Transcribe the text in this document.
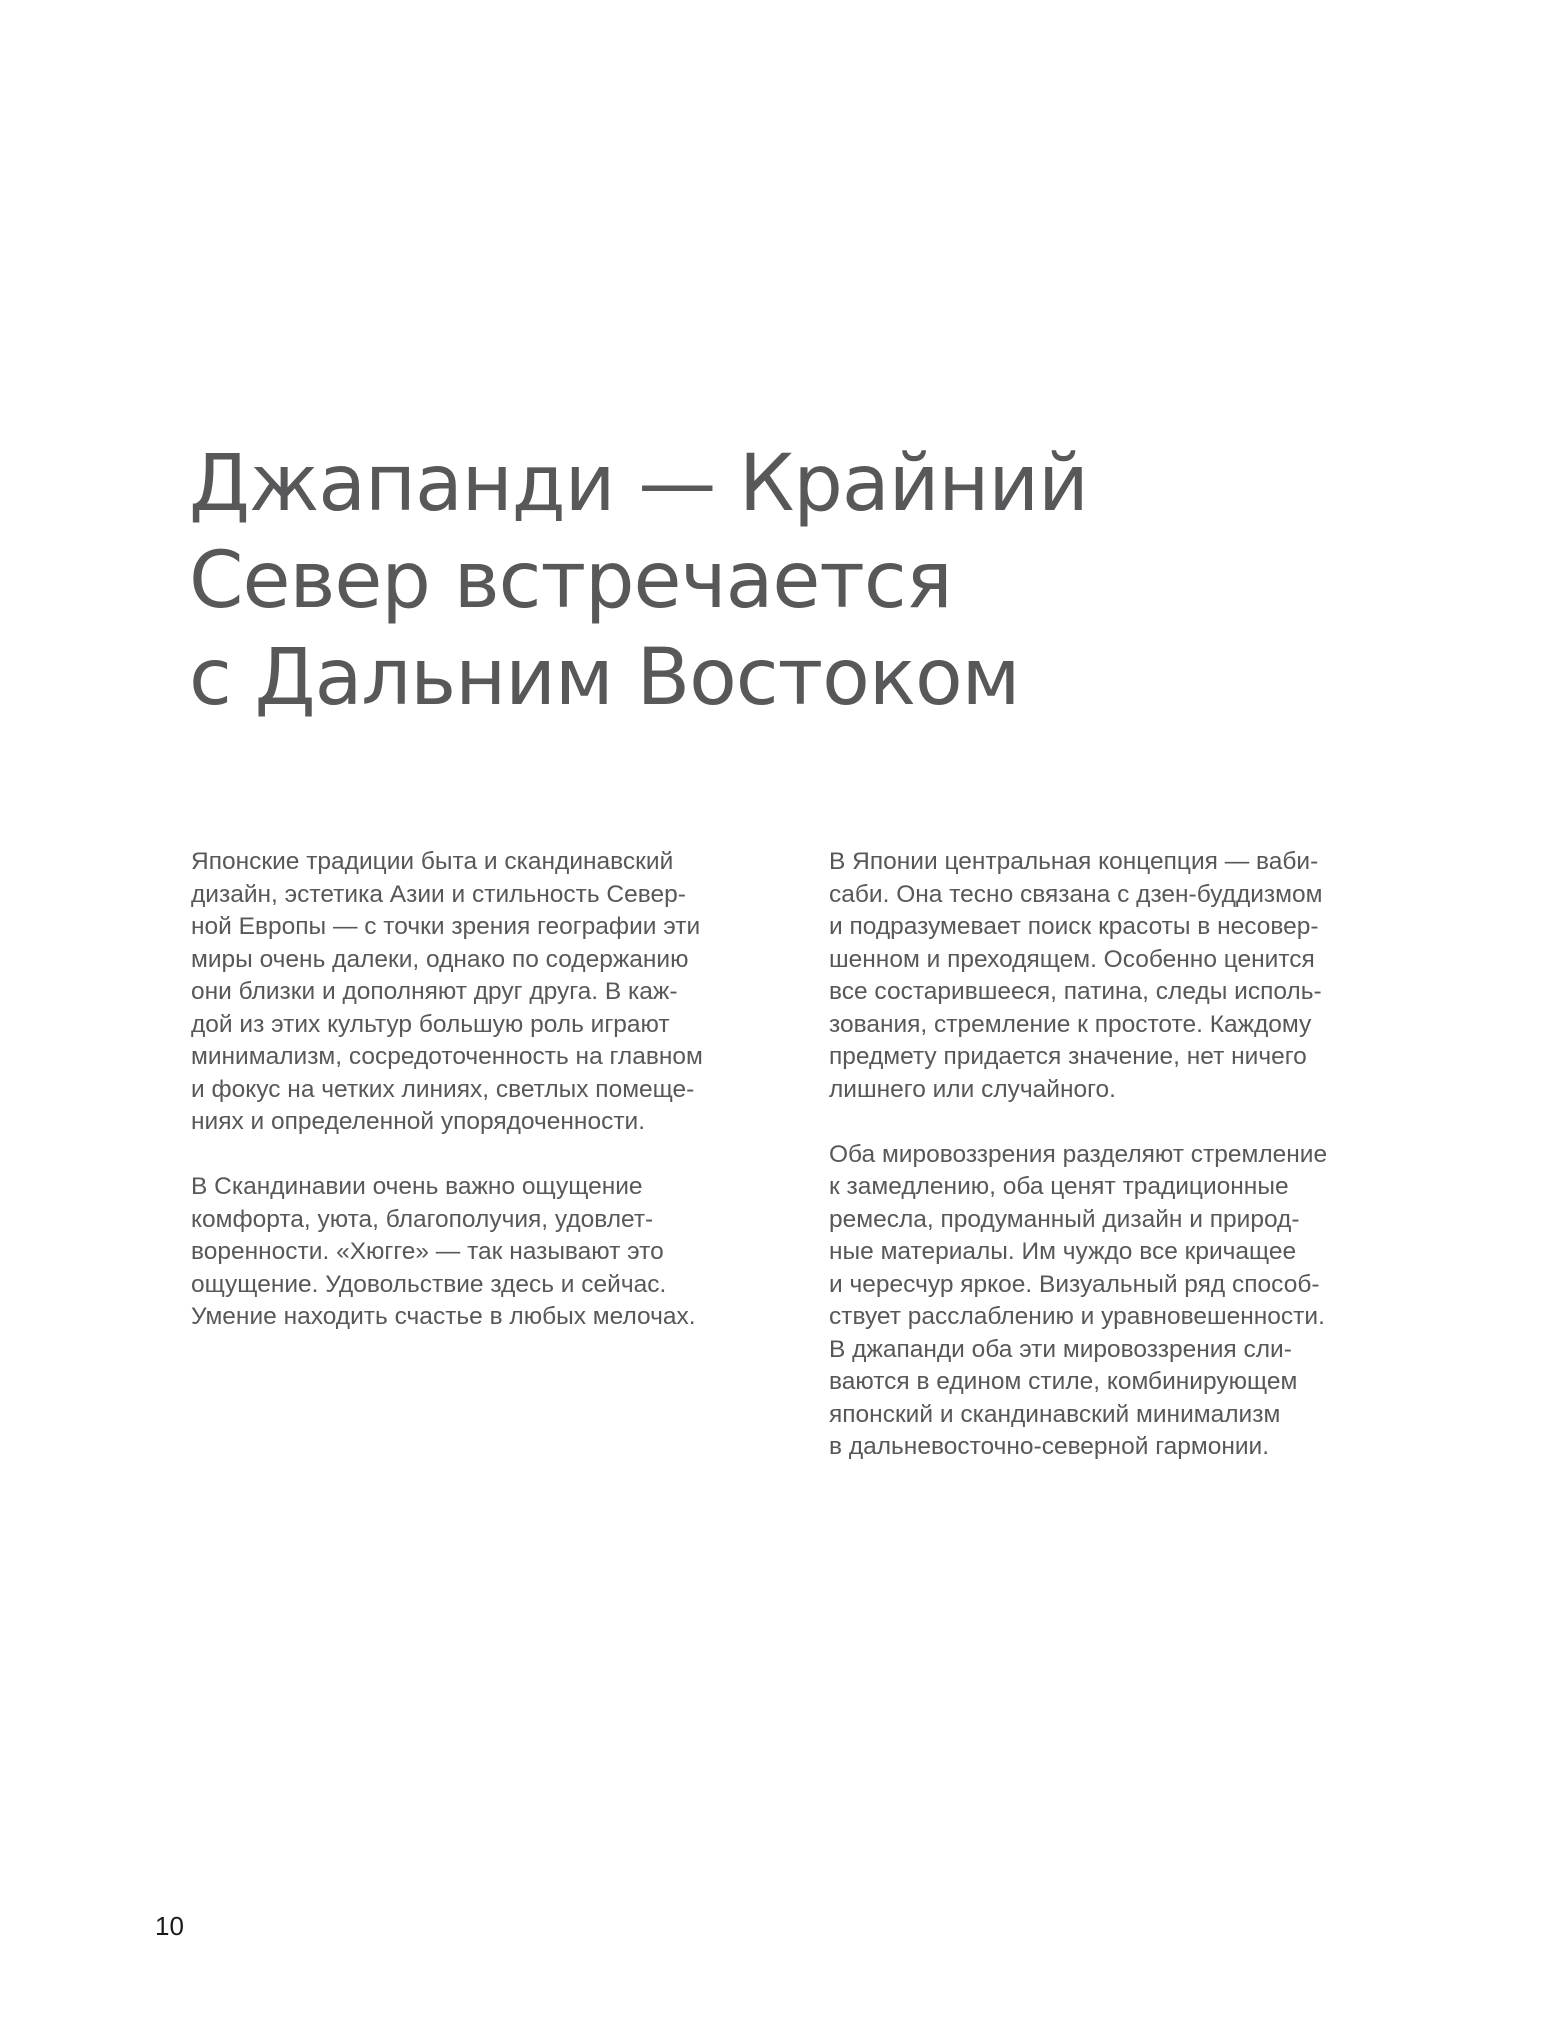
Джапанди — Крайний
Север встречается
с Дальним Востоком

Японские традиции быта и скандинавский
дизайн, эстетика Азии и стильность Север-
ной Европы — с точки зрения географии эти
миры очень далеки, однако по содержанию
они близки и дополняют друг друга. В каж-
дой из этих культур большую роль играют
минимализм, сосредоточенность на главном
и фокус на четких линиях, светлых помеще-
ниях и определенной упорядоченности.

В Скандинавии очень важно ощущение
комфорта, уюта, благополучия, удовлет-
воренности. «Хюгге» — так называют это
ощущение. Удовольствие здесь и сейчас.
Умение находить счастье в любых мелочах.

В Японии центральная концепция — ваби-
саби. Она тесно связана с дзен-буддизмом
и подразумевает поиск красоты в несовер-
шенном и преходящем. Особенно ценится
все состарившееся, патина, следы исполь-
зования, стремление к простоте. Каждому
предмету придается значение, нет ничего
лишнего или случайного.

Оба мировоззрения разделяют стремление
к замедлению, оба ценят традиционные
ремесла, продуманный дизайн и природ-
ные материалы. Им чуждо все кричащее
и чересчур яркое. Визуальный ряд способ-
ствует расслаблению и уравновешенности.
В джапанди оба эти мировоззрения сли-
ваются в едином стиле, комбинирующем
японский и скандинавский минимализм
в дальневосточно-северной гармонии.

10
